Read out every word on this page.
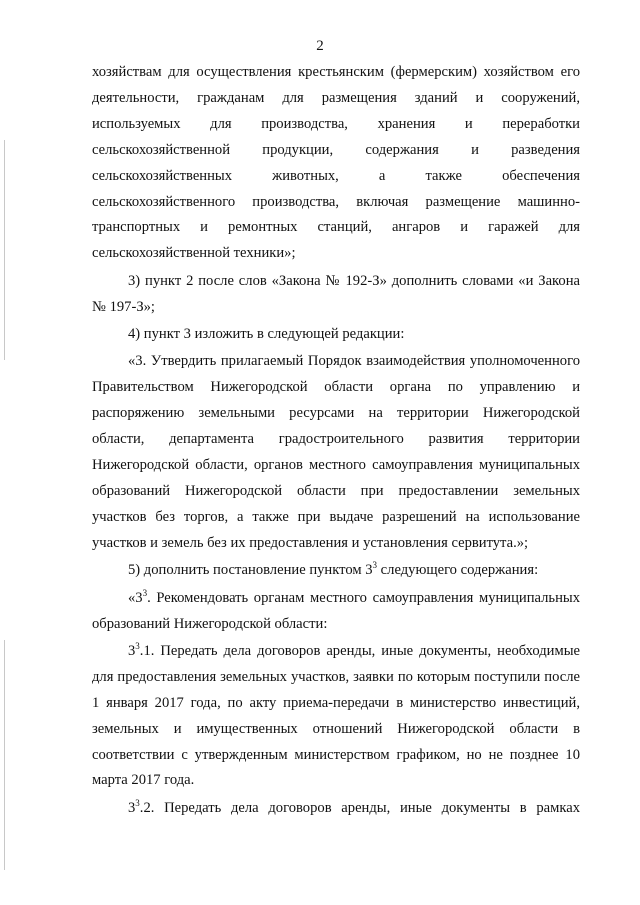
2

хозяйствам для осуществления крестьянским (фермерским) хозяйством его деятельности, гражданам для размещения зданий и сооружений, используемых для производства, хранения и переработки сельскохозяйственной продукции, содержания и разведения сельскохозяйственных животных, а также обеспечения сельскохозяйственного производства, включая размещение машинно-транспортных и ремонтных станций, ангаров и гаражей для сельскохозяйственной техники»;

3) пункт 2 после слов «Закона № 192-З» дополнить словами «и Закона № 197-З»;

4) пункт 3 изложить в следующей редакции:

«3. Утвердить прилагаемый Порядок взаимодействия уполномоченного Правительством Нижегородской области органа по управлению и распоряжению земельными ресурсами на территории Нижегородской области, департамента градостроительного развития территории Нижегородской области, органов местного самоуправления муниципальных образований Нижегородской области при предоставлении земельных участков без торгов, а также при выдаче разрешений на использование участков и земель без их предоставления и установления сервитута.»;

5) дополнить постановление пунктом $3^3$ следующего содержания:

«$3^3$. Рекомендовать органам местного самоуправления муниципальных образований Нижегородской области:

$3^3.1$. Передать дела договоров аренды, иные документы, необходимые для предоставления земельных участков, заявки по которым поступили после 1 января 2017 года, по акту приема-передачи в министерство инвестиций, земельных и имущественных отношений Нижегородской области в соответствии с утвержденным министерством графиком, но не позднее 10 марта 2017 года.

$3^3.2$. Передать дела договоров аренды, иные документы в рамках
